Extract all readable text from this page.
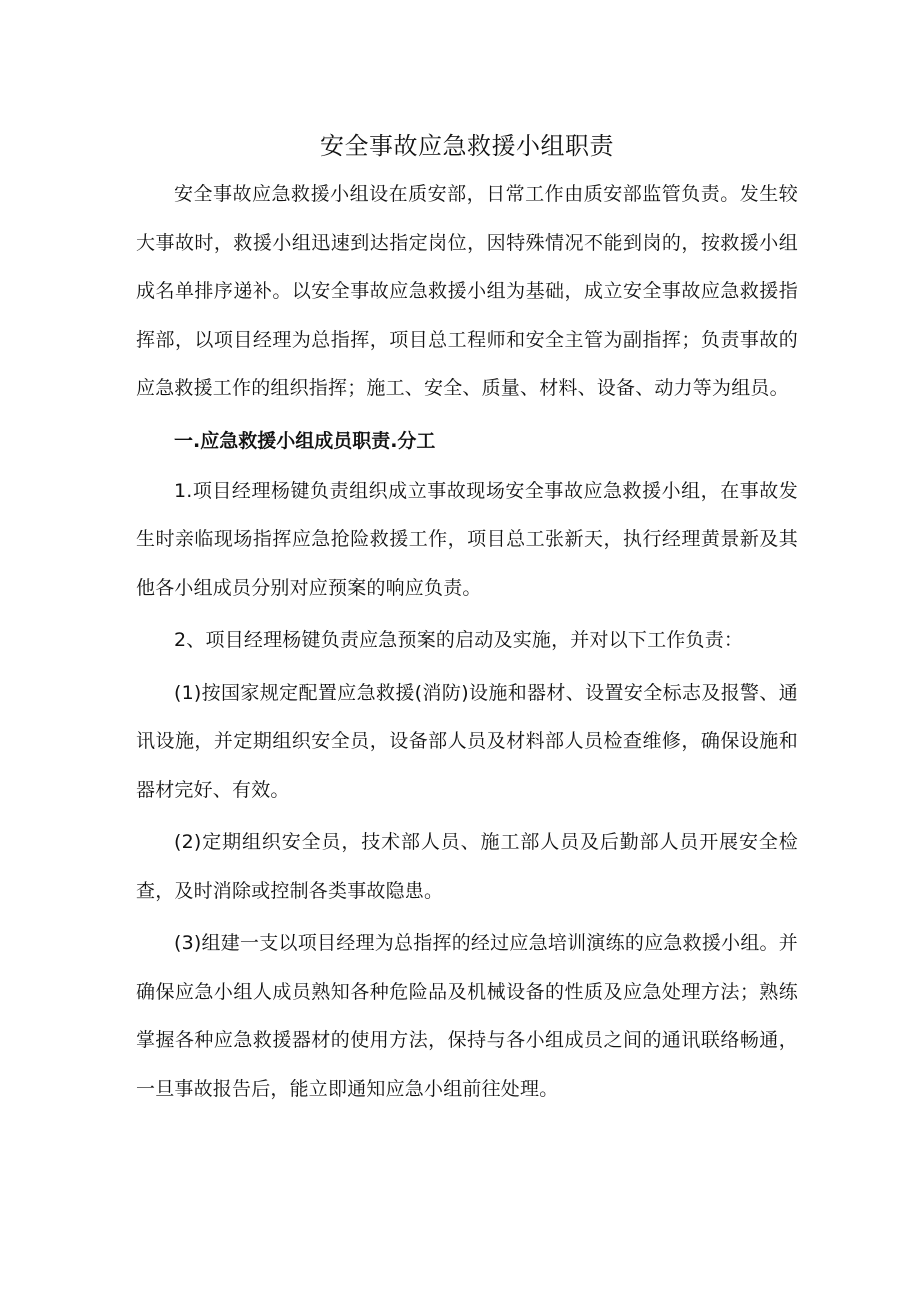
安全事故应急救援小组职责

安全事故应急救援小组设在质安部，日常工作由质安部监管负责。发生较大事故时，救援小组迅速到达指定岗位，因特殊情况不能到岗的，按救援小组成名单排序递补。以安全事故应急救援小组为基础，成立安全事故应急救援指挥部，以项目经理为总指挥，项目总工程师和安全主管为副指挥；负责事故的应急救援工作的组织指挥；施工、安全、质量、材料、设备、动力等为组员。

一.应急救援小组成员职责.分工

1.项目经理杨键负责组织成立事故现场安全事故应急救援小组，在事故发生时亲临现场指挥应急抢险救援工作，项目总工张新天，执行经理黄景新及其他各小组成员分别对应预案的响应负责。

2、项目经理杨键负责应急预案的启动及实施，并对以下工作负责：

(1)按国家规定配置应急救援(消防)设施和器材、设置安全标志及报警、通讯设施，并定期组织安全员，设备部人员及材料部人员检查维修，确保设施和器材完好、有效。

(2)定期组织安全员，技术部人员、施工部人员及后勤部人员开展安全检查，及时消除或控制各类事故隐患。

(3)组建一支以项目经理为总指挥的经过应急培训演练的应急救援小组。并确保应急小组人成员熟知各种危险品及机械设备的性质及应急处理方法；熟练掌握各种应急救援器材的使用方法，保持与各小组成员之间的通讯联络畅通，一旦事故报告后，能立即通知应急小组前往处理。
